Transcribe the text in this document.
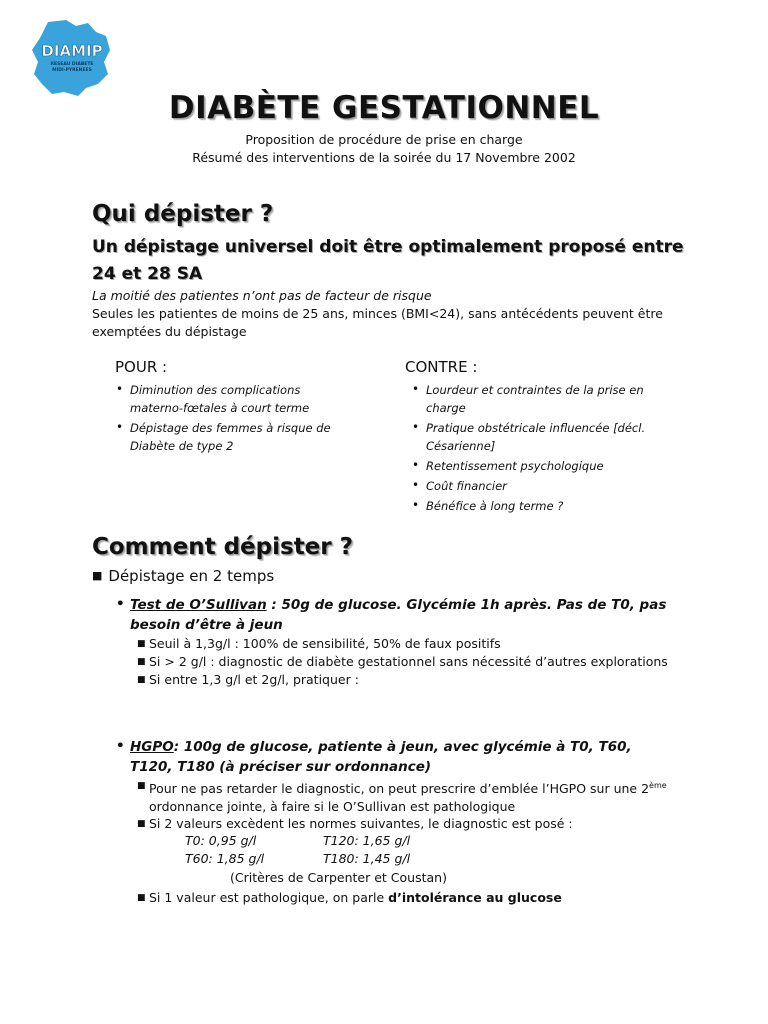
DIAMIP
RESEAU DIABETE
MIDI-PYRENEES
DIABÈTE GESTATIONNEL
Proposition de procédure de prise en charge
Résumé des interventions de la soirée du 17 Novembre 2002
Qui dépister ?
Un dépistage universel doit être optimalement proposé entre 24 et 28 SA
La moitié des patientes n’ont pas de facteur de risque
Seules les patientes de moins de 25 ans, minces (BMI<24), sans antécédents peuvent être exemptées du dépistage
POUR :
• Diminution des complications materno-fœtales à court terme
• Dépistage des femmes à risque de Diabète de type 2
CONTRE :
• Lourdeur et contraintes de la prise en charge
• Pratique obstétricale influencée [décl. Césarienne]
• Retentissement psychologique
• Coût financier
• Bénéfice à long terme ?
Comment dépister ?
■ Dépistage en 2 temps
• Test de O’Sullivan : 50g de glucose. Glycémie 1h après. Pas de T0, pas besoin d’être à jeun
■ Seuil à 1,3g/l : 100% de sensibilité, 50% de faux positifs
■ Si > 2 g/l : diagnostic de diabète gestationnel sans nécessité d’autres explorations
■ Si entre 1,3 g/l et 2g/l, pratiquer :
• HGPO: 100g de glucose, patiente à jeun, avec glycémie à T0, T60, T120, T180 (à préciser sur ordonnance)
■ Pour ne pas retarder le diagnostic, on peut prescrire d’emblée l’HGPO sur une 2ème ordonnance jointe, à faire si le O’Sullivan est pathologique
■ Si 2 valeurs excèdent les normes suivantes, le diagnostic est posé :
T0: 0,95 g/l	T120: 1,65 g/l
T60: 1,85 g/l	T180: 1,45 g/l
(Critères de Carpenter et Coustan)
■ Si 1 valeur est pathologique, on parle d’intolérance au glucose
